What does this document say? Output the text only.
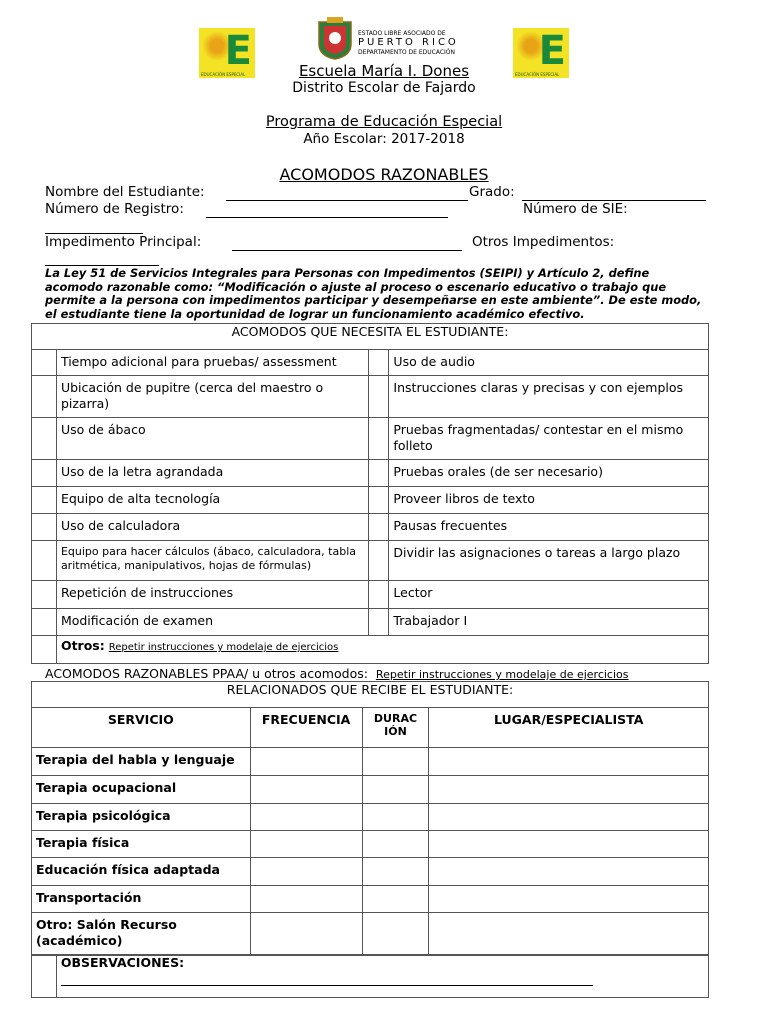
E
EDUCACIÓN ESPECIAL
E
EDUCACIÓN ESPECIAL
ESTADO LIBRE ASOCIADO DE
PUERTO RICO
DEPARTAMENTO DE EDUCACIÓN
Escuela María I. Dones
Distrito Escolar de Fajardo
Programa de Educación Especial
Año Escolar: 2017-2018
ACOMODOS RAZONABLES
Nombre del Estudiante:	Grado:
Número de Registro:	Número de SIE:
Impedimento Principal:	Otros Impedimentos:
La Ley 51 de Servicios Integrales para Personas con Impedimentos (SEIPI) y Artículo 2, define acomodo razonable como: “Modificación o ajuste al proceso o escenario educativo o trabajo que permite a la persona con impedimentos participar y desempeñarse en este ambiente”. De este modo, el estudiante tiene la oportunidad de lograr un funcionamiento académico efectivo.
ACOMODOS QUE NECESITA EL ESTUDIANTE:			
	Tiempo adicional para pruebas/ assessment		Uso de audio
	Ubicación de pupitre (cerca del maestro o pizarra)		Instrucciones claras y precisas y con ejemplos
	Uso de ábaco		Pruebas fragmentadas/ contestar en el mismo folleto
	Uso de la letra agrandada		Pruebas orales (de ser necesario)
	Equipo de alta tecnología		Proveer libros de texto
	Uso de calculadora		Pausas frecuentes
	Equipo para hacer cálculos (ábaco, calculadora, tabla aritmética, manipulativos, hojas de fórmulas)		Dividir las asignaciones o tareas a largo plazo
	Repetición de instrucciones		Lector
	Modificación de examen		Trabajador I
	Otros: Repetir instrucciones y modelaje de ejercicios		
ACOMODOS RAZONABLES PPAA/ u otros acomodos: Repetir instrucciones y modelaje de ejercicios
RELACIONADOS QUE RECIBE EL ESTUDIANTE:			
SERVICIO	FRECUENCIA	DURACIÓN	LUGAR/ESPECIALISTA
Terapia del habla y lenguaje			
Terapia ocupacional			
Terapia psicológica			
Terapia física			
Educación física adaptada			
Transportación			
Otro: Salón Recurso (académico)			

OBSERVACIONES:
